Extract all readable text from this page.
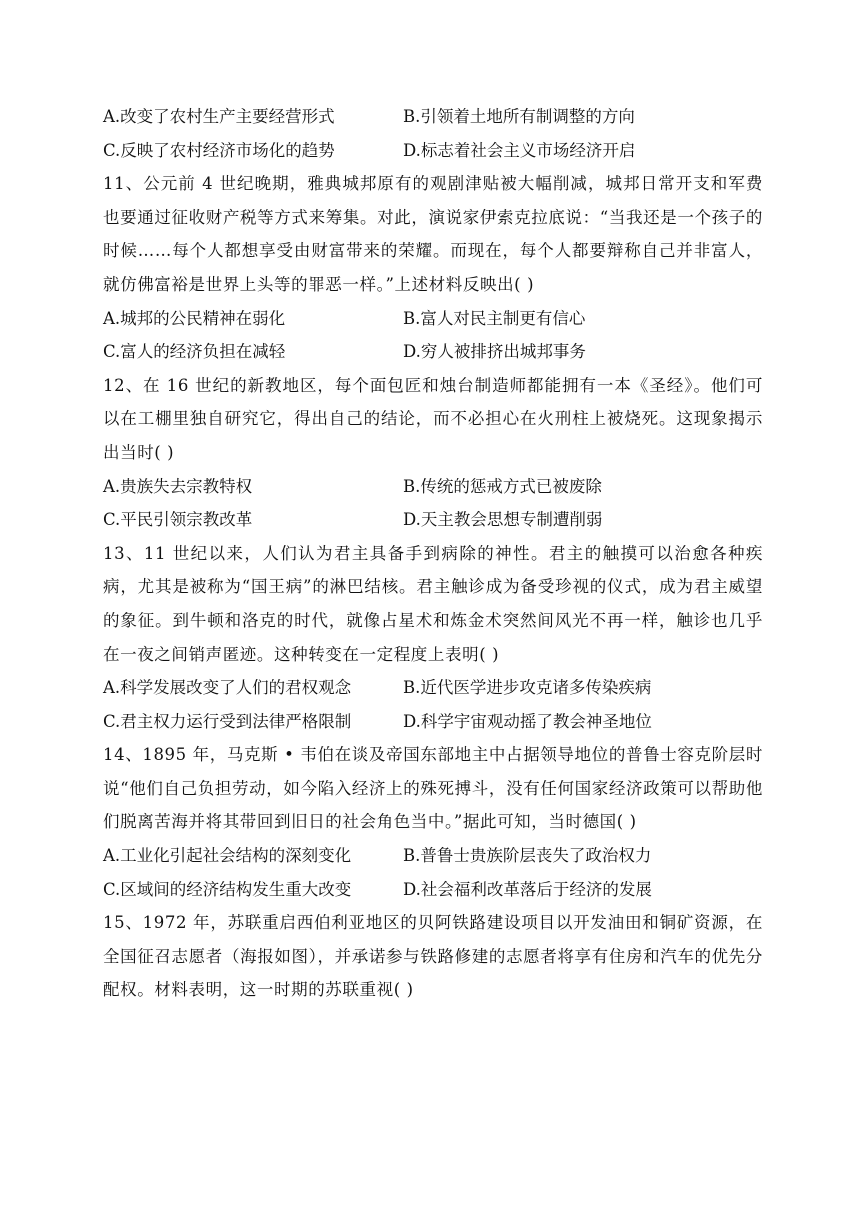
A.改变了农村生产主要经营形式	B.引领着土地所有制调整的方向
C.反映了农村经济市场化的趋势	D.标志着社会主义市场经济开启
11、公元前 4 世纪晚期，雅典城邦原有的观剧津贴被大幅削减，城邦日常开支和军费也要通过征收财产税等方式来筹集。对此，演说家伊索克拉底说：“当我还是一个孩子的时候……每个人都想享受由财富带来的荣耀。而现在，每个人都要辩称自己并非富人，就仿佛富裕是世界上头等的罪恶一样。”上述材料反映出( )
A.城邦的公民精神在弱化	B.富人对民主制更有信心
C.富人的经济负担在减轻	D.穷人被排挤出城邦事务
12、在 16 世纪的新教地区，每个面包匠和烛台制造师都能拥有一本《圣经》。他们可以在工棚里独自研究它，得出自己的结论，而不必担心在火刑柱上被烧死。这现象揭示出当时( )
A.贵族失去宗教特权	B.传统的惩戒方式已被废除
C.平民引领宗教改革	D.天主教会思想专制遭削弱
13、11 世纪以来，人们认为君主具备手到病除的神性。君主的触摸可以治愈各种疾病，尤其是被称为“国王病”的淋巴结核。君主触诊成为备受珍视的仪式，成为君主威望的象征。到牛顿和洛克的时代，就像占星术和炼金术突然间风光不再一样，触诊也几乎在一夜之间销声匿迹。这种转变在一定程度上表明( )
A.科学发展改变了人们的君权观念	B.近代医学进步攻克诸多传染疾病
C.君主权力运行受到法律严格限制	D.科学宇宙观动摇了教会神圣地位
14、1895 年，马克斯 • 韦伯在谈及帝国东部地主中占据领导地位的普鲁士容克阶层时说“他们自己负担劳动，如今陷入经济上的殊死搏斗，没有任何国家经济政策可以帮助他们脱离苦海并将其带回到旧日的社会角色当中。”据此可知，当时德国( )
A.工业化引起社会结构的深刻变化	B.普鲁士贵族阶层丧失了政治权力
C.区域间的经济结构发生重大改变	D.社会福利改革落后于经济的发展
15、1972 年，苏联重启西伯利亚地区的贝阿铁路建设项目以开发油田和铜矿资源，在全国征召志愿者（海报如图），并承诺参与铁路修建的志愿者将享有住房和汽车的优先分配权。材料表明，这一时期的苏联重视( )
